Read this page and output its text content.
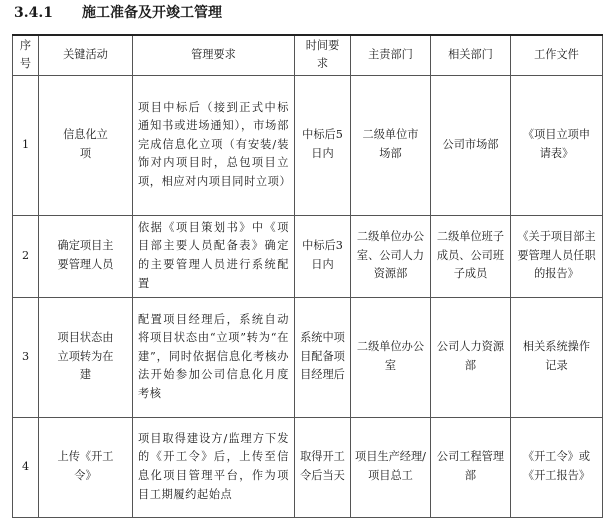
3.4.1 施工准备及开竣工管理
序号	关键活动	管理要求	时间要求	主责部门	相关部门	工作文件
1	信息化立项	项目中标后（接到正式中标通知书或进场通知），市场部完成信息化立项（有安装/装饰对内项目时，总包项目立项，相应对内项目同时立项）	中标后5日内	二级单位市场部	公司市场部	《项目立项申请表》
2	确定项目主要管理人员	依据《项目策划书》中《项目部主要人员配备表》确定的主要管理人员进行系统配置	中标后3日内	二级单位办公室、公司人力资源部	二级单位班子成员、公司班子成员	《关于项目部主要管理人员任职的报告》
3	项目状态由立项转为在建	配置项目经理后，系统自动将项目状态由“立项”转为“在建”，同时依据信息化考核办法开始参加公司信息化月度考核	系统中项目配备项目经理后	二级单位办公室	公司人力资源部	相关系统操作记录
4	上传《开工令》	项目取得建设方/监理方下发的《开工令》后，上传至信息化项目管理平台，作为项目工期履约起始点	取得开工令后当天	项目生产经理/项目总工	公司工程管理部	《开工令》或《开工报告》
